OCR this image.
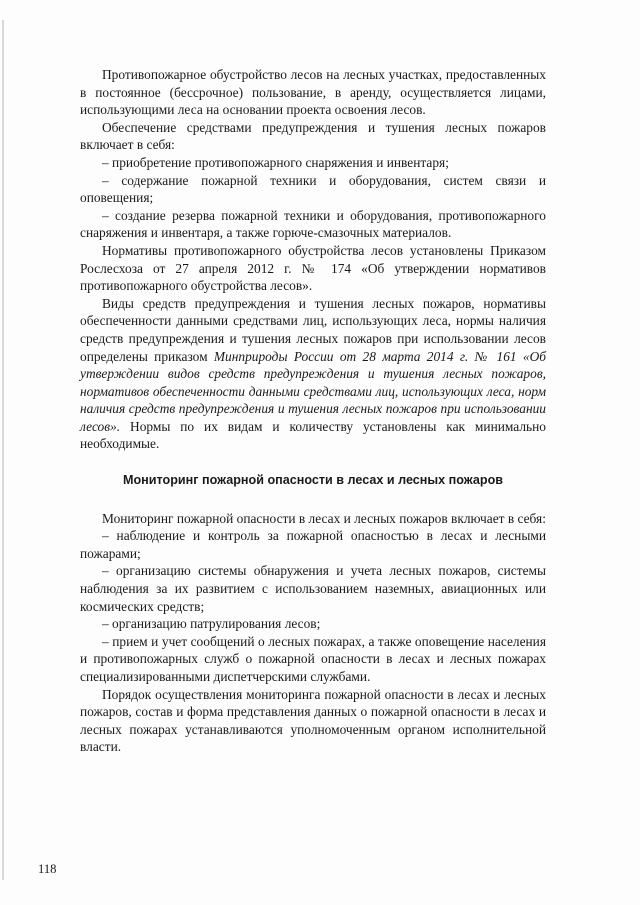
Противопожарное обустройство лесов на лесных участках, предоставленных в постоянное (бессрочное) пользование, в аренду, осуществляется лицами, использующими леса на основании проекта освоения лесов.

Обеспечение средствами предупреждения и тушения лесных пожаров включает в себя:

– приобретение противопожарного снаряжения и инвентаря;

– содержание пожарной техники и оборудования, систем связи и оповещения;

– создание резерва пожарной техники и оборудования, противопожарного снаряжения и инвентаря, а также горюче-смазочных материалов.

Нормативы противопожарного обустройства лесов установлены Приказом Рослесхоза от 27 апреля 2012 г. № 174 «Об утверждении нормативов противопожарного обустройства лесов».

Виды средств предупреждения и тушения лесных пожаров, нормативы обеспеченности данными средствами лиц, использующих леса, нормы наличия средств предупреждения и тушения лесных пожаров при использовании лесов определены приказом Минприроды России от 28 марта 2014 г. № 161 «Об утверждении видов средств предупреждения и тушения лесных пожаров, нормативов обеспеченности данными средствами лиц, использующих леса, норм наличия средств предупреждения и тушения лесных пожаров при использовании лесов». Нормы по их видам и количеству установлены как минимально необходимые.

Мониторинг пожарной опасности в лесах и лесных пожаров

Мониторинг пожарной опасности в лесах и лесных пожаров включает в себя:

– наблюдение и контроль за пожарной опасностью в лесах и лесными пожарами;

– организацию системы обнаружения и учета лесных пожаров, системы наблюдения за их развитием с использованием наземных, авиационных или космических средств;

– организацию патрулирования лесов;

– прием и учет сообщений о лесных пожарах, а также оповещение населения и противопожарных служб о пожарной опасности в лесах и лесных пожарах специализированными диспетчерскими службами.

Порядок осуществления мониторинга пожарной опасности в лесах и лесных пожаров, состав и форма представления данных о пожарной опасности в лесах и лесных пожарах устанавливаются уполномоченным органом исполнительной власти.

118
